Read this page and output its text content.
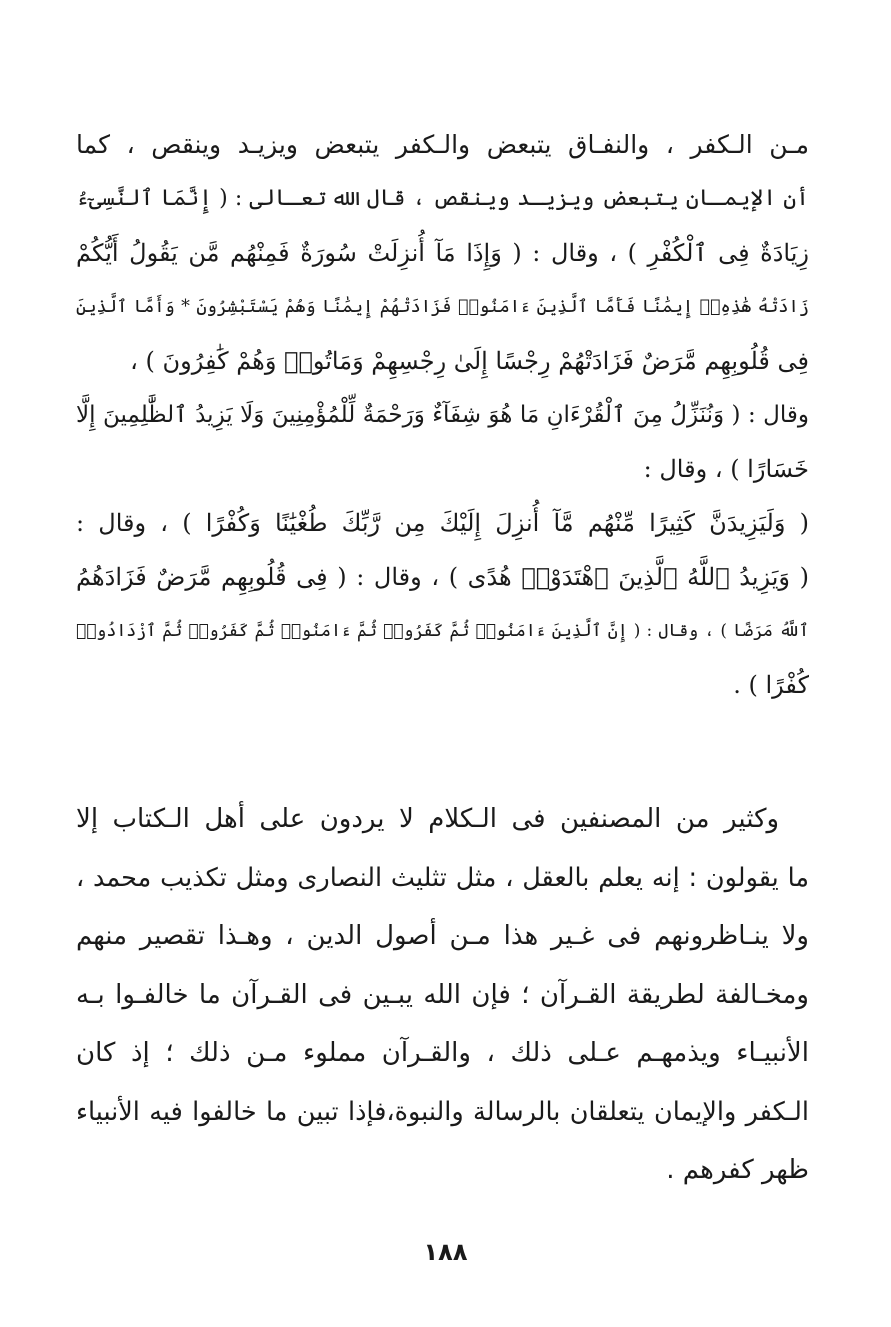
مـن الـكفر ، والنفـاق يتبعض والـكفر يتبعض ويزيـد وينقص ، كما
أن الإيمـان يتبعض ويزيـد وينقص ، قال الله تعـالى : ( إِنَّمَا ٱلنَّسِىٓءُ
زِيَادَةٌ فِى ٱلْكُفْرِ ) ، وقال : ( وَإِذَا مَآ أُنزِلَتْ سُورَةٌ فَمِنْهُم مَّن يَقُولُ أَيُّكُمْ
زَادَتْهُ هَٰذِهِۦٓ إِيمَٰنًا فَأَمَّا ٱلَّذِينَ ءَامَنُوا۟ فَزَادَتْهُمْ إِيمَٰنًا وَهُمْ يَسْتَبْشِرُونَ * وَأَمَّا ٱلَّذِينَ
فِى قُلُوبِهِم مَّرَضٌ فَزَادَتْهُمْ رِجْسًا إِلَىٰ رِجْسِهِمْ وَمَاتُوا۟ وَهُمْ كَٰفِرُونَ ) ،
وقال : ( وَنُنَزِّلُ مِنَ ٱلْقُرْءَانِ مَا هُوَ شِفَآءٌ وَرَحْمَةٌ لِّلْمُؤْمِنِينَ وَلَا يَزِيدُ ٱلظَّٰلِمِينَ إِلَّا
خَسَارًا ) ، وقال :
( وَلَيَزِيدَنَّ كَثِيرًا مِّنْهُم مَّآ أُنزِلَ إِلَيْكَ مِن رَّبِّكَ طُغْيَٰنًا وَكُفْرًا ) ، وقال :
( وَيَزِيدُ ٱللَّهُ ٱلَّذِينَ ٱهْتَدَوْا۟ هُدًى ) ، وقال : ( فِى قُلُوبِهِم مَّرَضٌ فَزَادَهُمُ
ٱللَّهُ مَرَضًا ) ، وقال : ( إِنَّ ٱلَّذِينَ ءَامَنُوا۟ ثُمَّ كَفَرُوا۟ ثُمَّ ءَامَنُوا۟ ثُمَّ كَفَرُوا۟ ثُمَّ ٱزْدَادُوا۟
كُفْرًا ) .
وكثير من المصنفين فى الـكلام لا يردون على أهل الـكتاب إلا
ما يقولون : إنه يعلم بالعقل ، مثل تثليث النصارى ومثل تكذيب محمد ،
ولا ينـاظرونهم فى غـير هذا مـن أصول الدين ، وهـذا تقصير منهم
ومخـالفة لطريقة القـرآن ؛ فإن الله يبـين فى القـرآن ما خالفـوا بـه
الأنبيـاء ويذمهـم عـلى ذلك ، والقـرآن مملوء مـن ذلك ؛ إذ كان
الـكفر والإيمان يتعلقان بالرسالة والنبوة،فإذا تبين ما خالفوا فيه الأنبياء
ظهر كفرهم .
١٨٨
